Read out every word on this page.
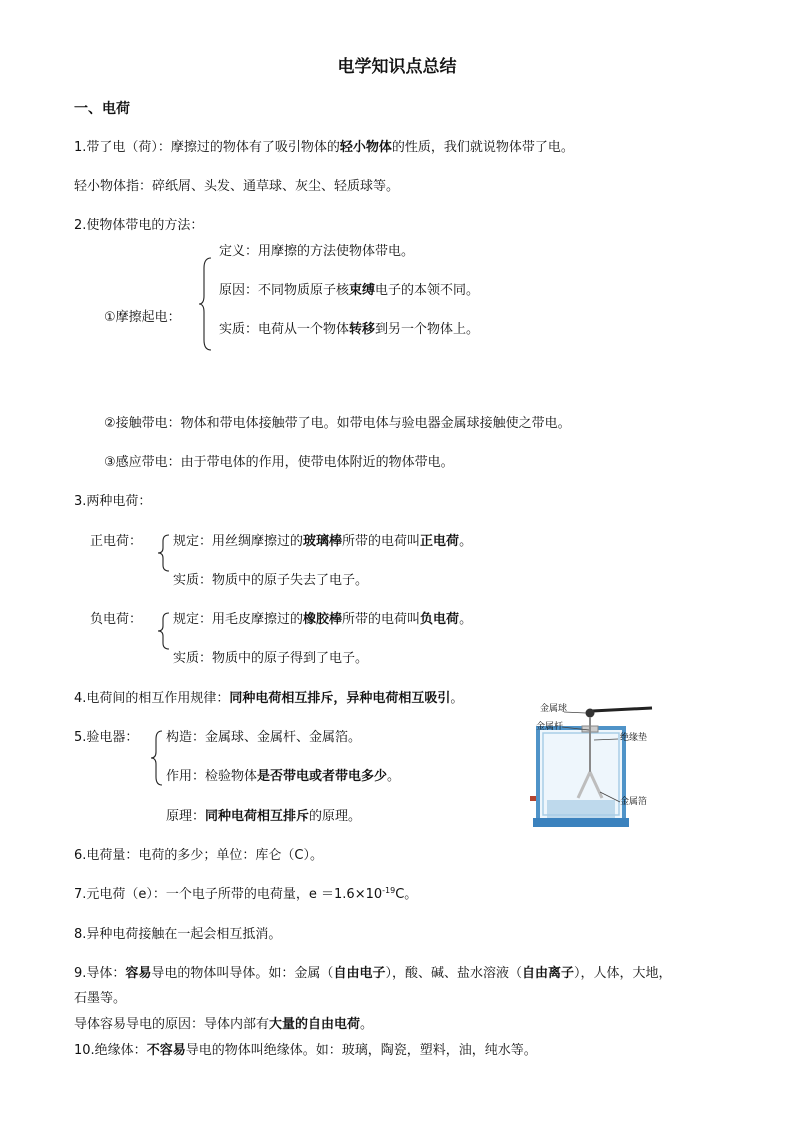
电学知识点总结
一、电荷
1.带了电（荷）：摩擦过的物体有了吸引物体的轻小物体的性质，我们就说物体带了电。
轻小物体指：碎纸屑、头发、通草球、灰尘、轻质球等。
2.使物体带电的方法：
①摩擦起电：
定义：用摩擦的方法使物体带电。
原因：不同物质原子核束缚电子的本领不同。
实质：电荷从一个物体转移到另一个物体上。
②接触带电：物体和带电体接触带了电。如带电体与验电器金属球接触使之带电。
③感应带电：由于带电体的作用，使带电体附近的物体带电。
3.两种电荷：
正电荷： 规定：用丝绸摩擦过的玻璃棒所带的电荷叫正电荷。
实质：物质中的原子失去了电子。
负电荷： 规定：用毛皮摩擦过的橡胶棒所带的电荷叫负电荷。
实质：物质中的原子得到了电子。
4.电荷间的相互作用规律：同种电荷相互排斥，异种电荷相互吸引。
5.验电器： 构造：金属球、金属杆、金属箔。
作用：检验物体是否带电或者带电多少。
原理：同种电荷相互排斥的原理。
金属球
金属杆
绝缘垫
金属箔
6.电荷量：电荷的多少；单位：库仑（C）。
7.元电荷（e）：一个电子所带的电荷量，$e =1.6\times 10^{-19}C$。
8.异种电荷接触在一起会相互抵消。
9.导体：容易导电的物体叫导体。如：金属（自由电子），酸、碱、盐水溶液（自由离子），人体，大地，
石墨等。
导体容易导电的原因：导体内部有大量的自由电荷。
10.绝缘体：不容易导电的物体叫绝缘体。如：玻璃，陶瓷，塑料，油，纯水等。
